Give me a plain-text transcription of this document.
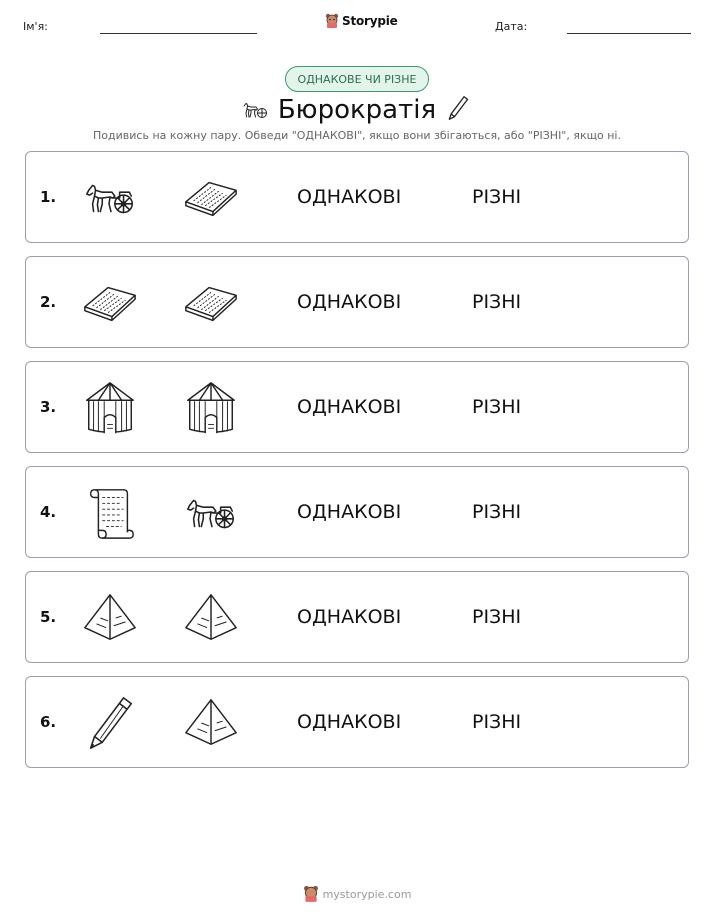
Ім'я:	Storypie	Дата:
ОДНАКОВЕ ЧИ РІЗНЕ
Бюрократія
Подивись на кожну пару. Обведи "ОДНАКОВІ", якщо вони збігаються, або "РІЗНІ", якщо ні.
1.	ОДНАКОВІ	РІЗНІ
2.	ОДНАКОВІ	РІЗНІ
3.	ОДНАКОВІ	РІЗНІ
4.	ОДНАКОВІ	РІЗНІ
5.	ОДНАКОВІ	РІЗНІ
6.	ОДНАКОВІ	РІЗНІ
mystorypie.com
